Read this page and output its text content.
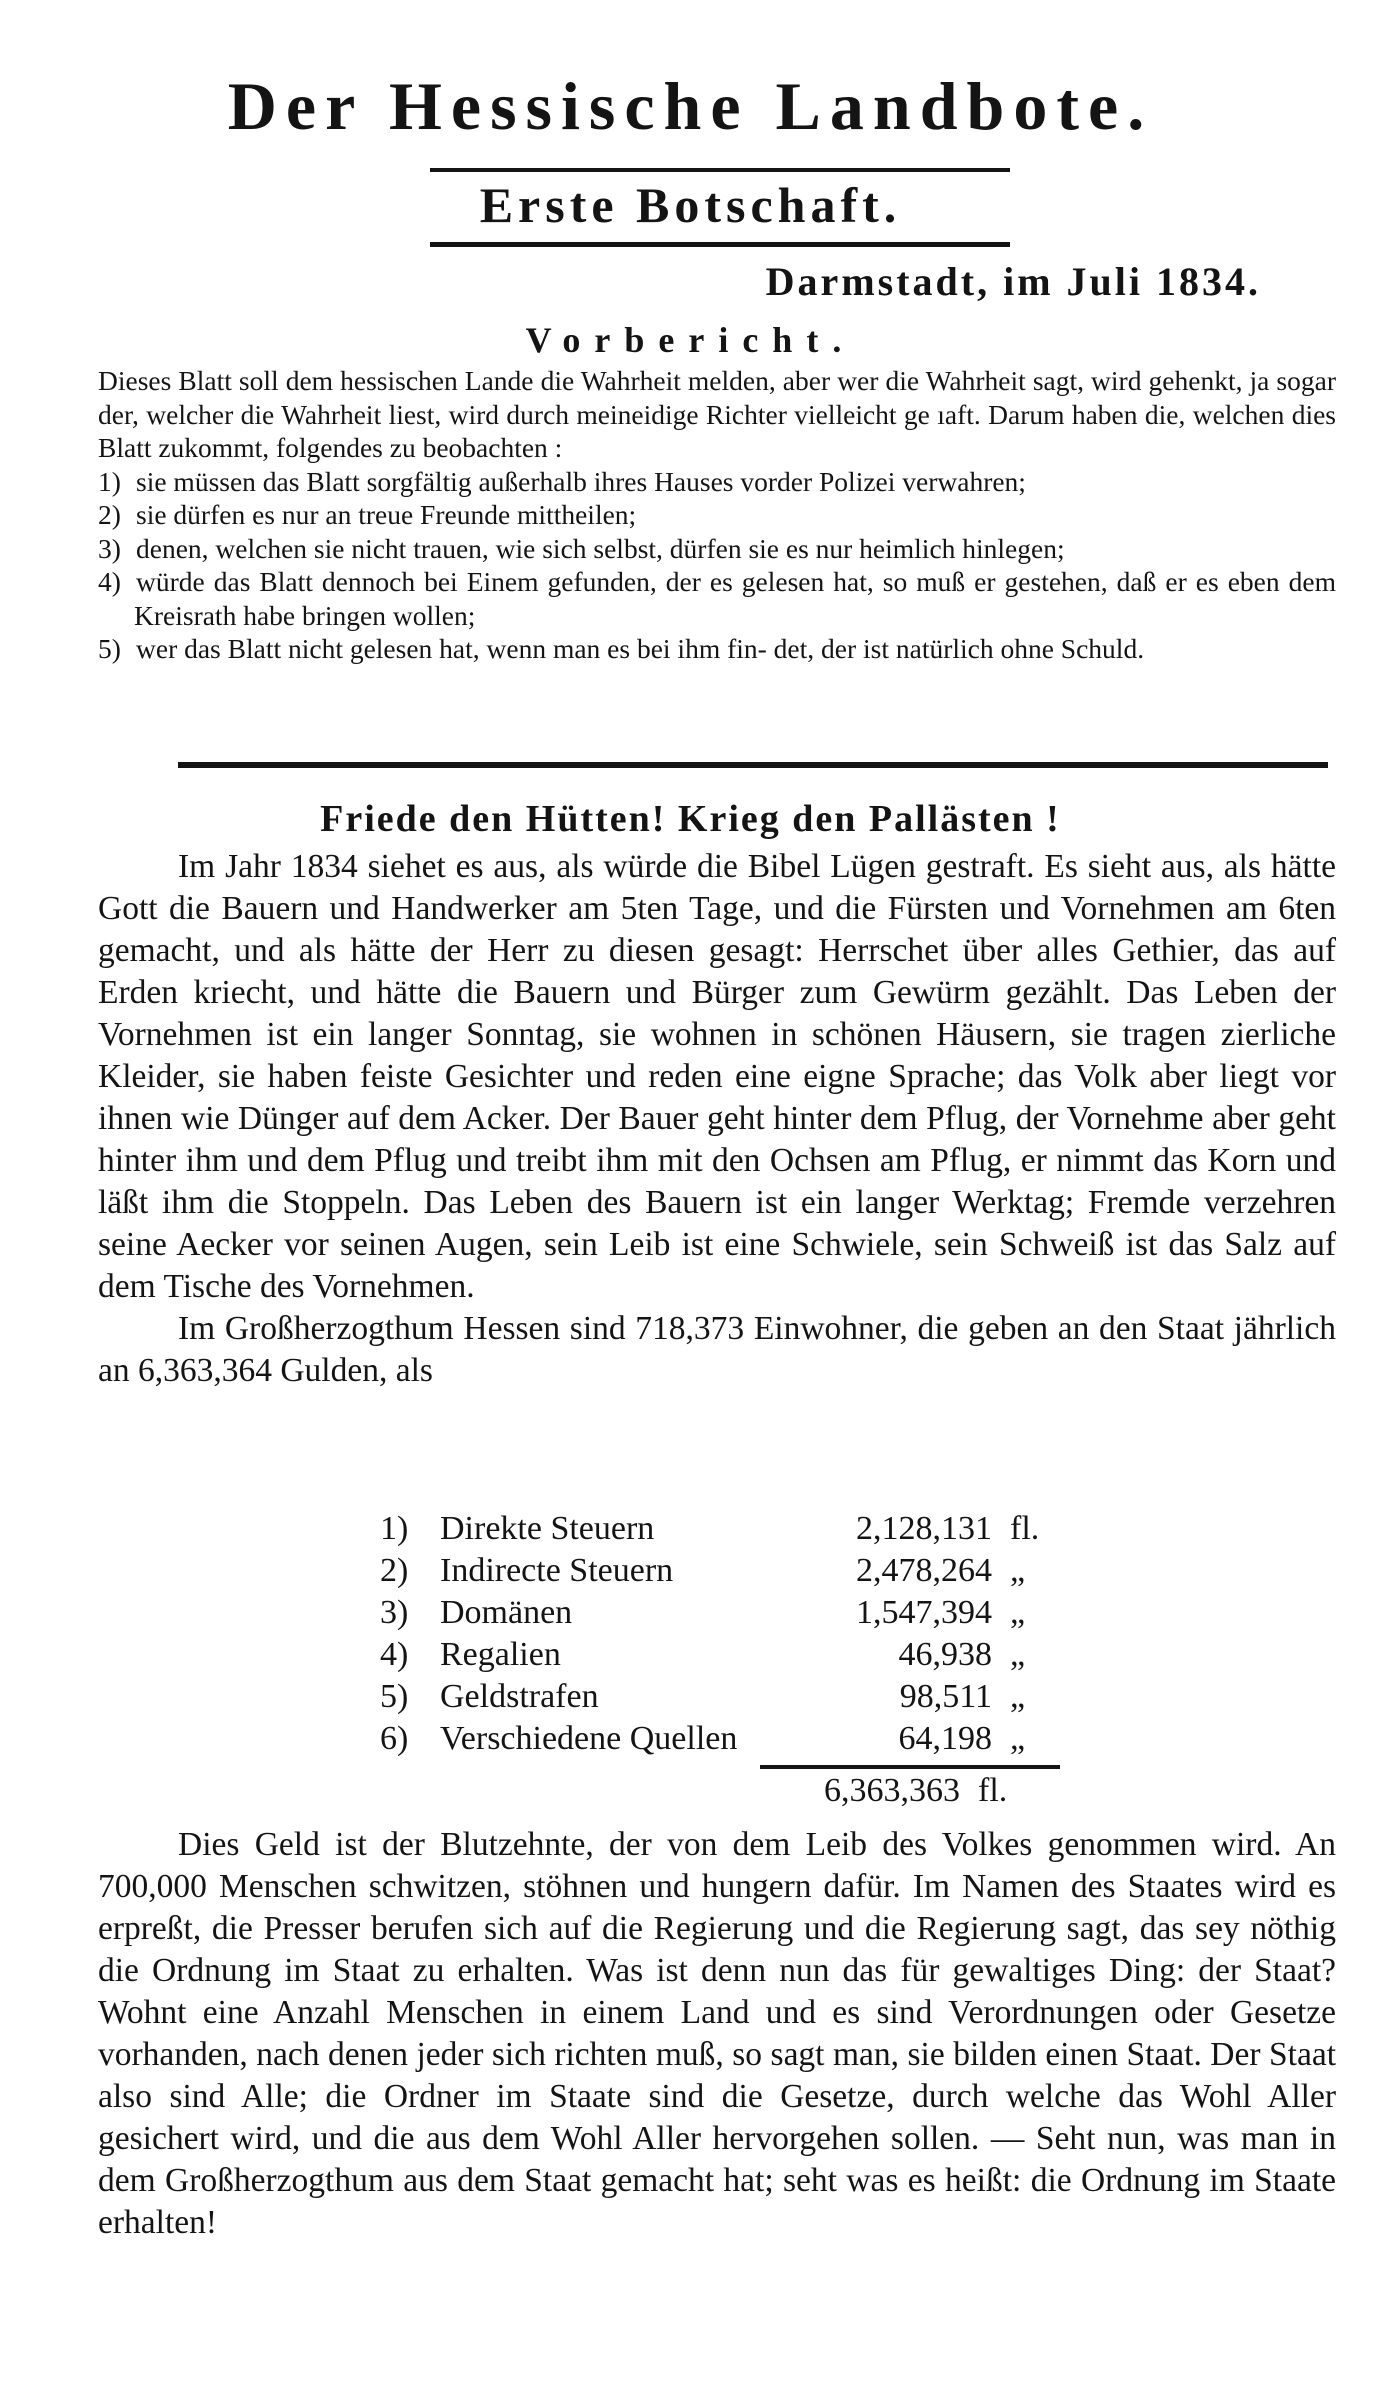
Der Hessische Landbote.
Erste Botschaft.
Darmstadt, im Juli 1834.
Vorbericht.

Dieses Blatt soll dem hessischen Lande die Wahrheit melden, aber wer die Wahrheit sagt, wird gehenkt, ja sogar der, welcher die Wahrheit liest, wird durch meineidige Richter vielleicht ge ıaft. Darum haben die, welchen dies Blatt zukommt, folgendes zu beobachten :

1) sie müssen das Blatt sorgfältig außerhalb ihres Hauses vorder Polizei verwahren;
2) sie dürfen es nur an treue Freunde mittheilen;
3) denen, welchen sie nicht trauen, wie sich selbst, dürfen sie es nur heimlich hinlegen;
4) würde das Blatt dennoch bei Einem gefunden, der es gelesen hat, so muß er gestehen, daß er es eben dem Kreisrath habe bringen wollen;
5) wer das Blatt nicht gelesen hat, wenn man es bei ihm fin- det, der ist natürlich ohne Schuld.
Friede den Hütten! Krieg den Pallästen !

Im Jahr 1834 siehet es aus, als würde die Bibel Lügen gestraft. Es sieht aus, als hätte Gott die Bauern und Handwerker am 5ten Tage, und die Fürsten und Vornehmen am 6ten gemacht, und als hätte der Herr zu diesen gesagt: Herrschet über alles Gethier, das auf Erden kriecht, und hätte die Bauern und Bürger zum Gewürm gezählt. Das Leben der Vornehmen ist ein langer Sonntag, sie wohnen in schönen Häusern, sie tragen zierliche Kleider, sie haben feiste Gesichter und reden eine eigne Sprache; das Volk aber liegt vor ihnen wie Dünger auf dem Acker. Der Bauer geht hinter dem Pflug, der Vornehme aber geht hinter ihm und dem Pflug und treibt ihm mit den Ochsen am Pflug, er nimmt das Korn und läßt ihm die Stoppeln. Das Leben des Bauern ist ein langer Werktag; Fremde verzehren seine Aecker vor seinen Augen, sein Leib ist eine Schwiele, sein Schweiß ist das Salz auf dem Tische des Vornehmen.

Im Großherzogthum Hessen sind 718,373 Einwohner, die geben an den Staat jährlich an 6,363,364 Gulden, als

1)	Direkte Steuern	2,128,131	fl.
2)	Indirecte Steuern	2,478,264	„
3)	Domänen	1,547,394	„
4)	Regalien	46,938	„
5)	Geldstrafen	98,511	„
6)	Verschiedene Quellen	64,198	„
6,363,363 fl.

Dies Geld ist der Blutzehnte, der von dem Leib des Volkes genommen wird. An 700,000 Menschen schwitzen, stöhnen und hungern dafür. Im Namen des Staates wird es erpreßt, die Presser berufen sich auf die Regierung und die Regierung sagt, das sey nöthig die Ordnung im Staat zu erhalten. Was ist denn nun das für gewaltiges Ding: der Staat? Wohnt eine Anzahl Menschen in einem Land und es sind Verordnungen oder Gesetze vorhanden, nach denen jeder sich richten muß, so sagt man, sie bilden einen Staat. Der Staat also sind Alle; die Ordner im Staate sind die Gesetze, durch welche das Wohl Aller gesichert wird, und die aus dem Wohl Aller hervorgehen sollen. — Seht nun, was man in dem Großherzogthum aus dem Staat gemacht hat; seht was es heißt: die Ordnung im Staate erhalten!
